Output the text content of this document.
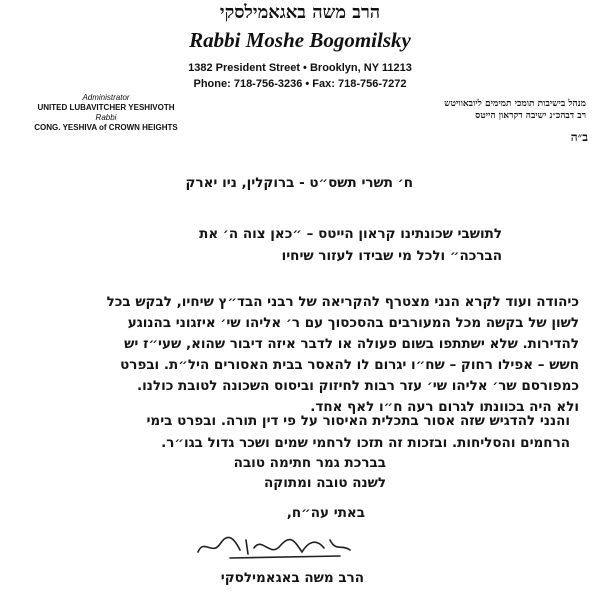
הרב משה באגאמילסקי
Rabbi Moshe Bogomilsky
1382 President Street • Brooklyn, NY 11213
Phone: 718-756-3236 • Fax: 718-756-7272
Administrator
UNITED LUBAVITCHER YESHIVOTH
Rabbi
CONG. YESHIVA of CROWN HEIGHTS
מנהל בישיבות תומכי תמימים ליובאוויטש
רב דבהכ״נ ישיבה דקראון הייטס
ב״ה
ח׳ תשרי תשס״ט - ברוקלין, ניו יארק
לתושבי שכונתינו קראון הייטס – ״כאן צוה ה׳ את
הברכה״ ולכל מי שבידו לעזור שיחיו
כיהודה ועוד לקרא הנני מצטרף להקריאה של רבני הבד״ץ שיחיו, לבקש בכל
לשון של בקשה מכל המעורבים בהסכסוך עם ר׳ אליהו שי׳ איזגוני בהנוגע
להדירות. שלא ישתתפו בשום פעולה או לדבר איזה דיבור שהוא, שעי״ז יש
חשש – אפילו רחוק – שח״ו יגרום לו להאסר בבית האסורים היל״ת. ובפרט
כמפורסם שר׳ אליהו שי׳ עזר רבות לחיזוק וביסוס השכונה לטובת כולנו.
ולא היה בכוונתו לגרום רעה ח״ו לאף אחד.
והנני להדגיש שזה אסור בתכלית האיסור על פי דין תורה. ובפרט בימי
הרחמים והסליחות. ובזכות זה תזכו לרחמי שמים ושכר גדול בגו״ר.
בברכת גמר חתימה טובה
לשנה טובה ומתוקה
באתי עה״ח,
הרב משה באגאמילסקי
